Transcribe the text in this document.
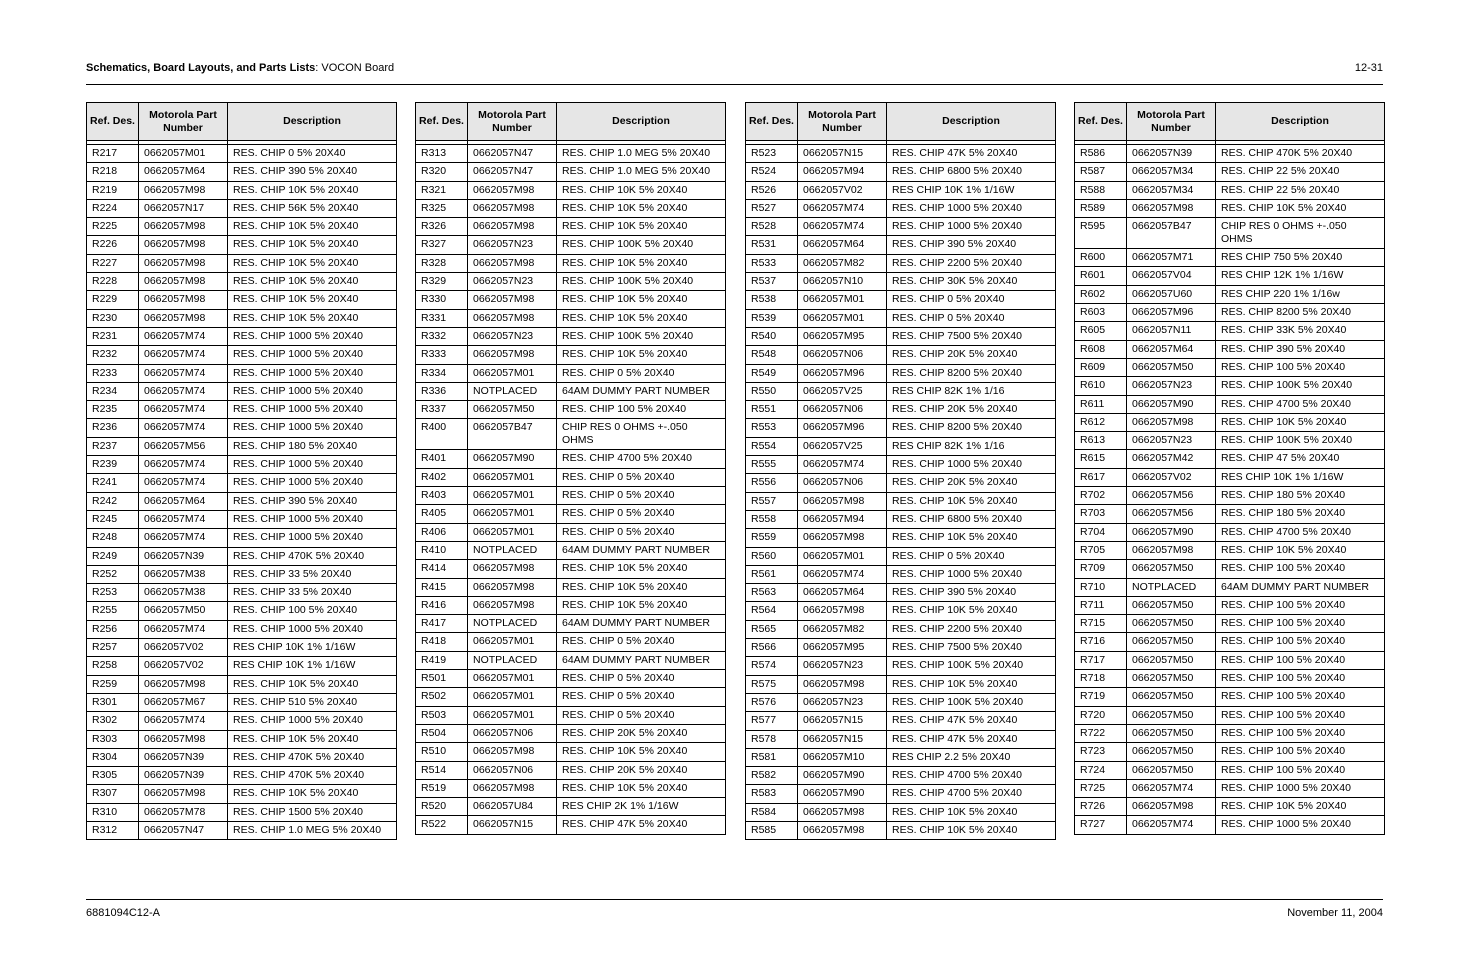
Schematics, Board Layouts, and Parts Lists: VOCON Board	12-31
Ref. Des.	Motorola Part Number	Description

R217	0662057M01	RES. CHIP 0 5% 20X40
R218	0662057M64	RES. CHIP 390 5% 20X40
R219	0662057M98	RES. CHIP 10K 5% 20X40
R224	0662057N17	RES. CHIP 56K 5% 20X40
R225	0662057M98	RES. CHIP 10K 5% 20X40
R226	0662057M98	RES. CHIP 10K 5% 20X40
R227	0662057M98	RES. CHIP 10K 5% 20X40
R228	0662057M98	RES. CHIP 10K 5% 20X40
R229	0662057M98	RES. CHIP 10K 5% 20X40
R230	0662057M98	RES. CHIP 10K 5% 20X40
R231	0662057M74	RES. CHIP 1000 5% 20X40
R232	0662057M74	RES. CHIP 1000 5% 20X40
R233	0662057M74	RES. CHIP 1000 5% 20X40
R234	0662057M74	RES. CHIP 1000 5% 20X40
R235	0662057M74	RES. CHIP 1000 5% 20X40
R236	0662057M74	RES. CHIP 1000 5% 20X40
R237	0662057M56	RES. CHIP 180 5% 20X40
R239	0662057M74	RES. CHIP 1000 5% 20X40
R241	0662057M74	RES. CHIP 1000 5% 20X40
R242	0662057M64	RES. CHIP 390 5% 20X40
R245	0662057M74	RES. CHIP 1000 5% 20X40
R248	0662057M74	RES. CHIP 1000 5% 20X40
R249	0662057N39	RES. CHIP 470K 5% 20X40
R252	0662057M38	RES. CHIP 33 5% 20X40
R253	0662057M38	RES. CHIP 33 5% 20X40
R255	0662057M50	RES. CHIP 100 5% 20X40
R256	0662057M74	RES. CHIP 1000 5% 20X40
R257	0662057V02	RES CHIP 10K 1% 1/16W
R258	0662057V02	RES CHIP 10K 1% 1/16W
R259	0662057M98	RES. CHIP 10K 5% 20X40
R301	0662057M67	RES. CHIP 510 5% 20X40
R302	0662057M74	RES. CHIP 1000 5% 20X40
R303	0662057M98	RES. CHIP 10K 5% 20X40
R304	0662057N39	RES. CHIP 470K 5% 20X40
R305	0662057N39	RES. CHIP 470K 5% 20X40
R307	0662057M98	RES. CHIP 10K 5% 20X40
R310	0662057M78	RES. CHIP 1500 5% 20X40
R312	0662057N47	RES. CHIP 1.0 MEG 5% 20X40
Ref. Des.	Motorola Part Number	Description

R313	0662057N47	RES. CHIP 1.0 MEG 5% 20X40
R320	0662057N47	RES. CHIP 1.0 MEG 5% 20X40
R321	0662057M98	RES. CHIP 10K 5% 20X40
R325	0662057M98	RES. CHIP 10K 5% 20X40
R326	0662057M98	RES. CHIP 10K 5% 20X40
R327	0662057N23	RES. CHIP 100K 5% 20X40
R328	0662057M98	RES. CHIP 10K 5% 20X40
R329	0662057N23	RES. CHIP 100K 5% 20X40
R330	0662057M98	RES. CHIP 10K 5% 20X40
R331	0662057M98	RES. CHIP 10K 5% 20X40
R332	0662057N23	RES. CHIP 100K 5% 20X40
R333	0662057M98	RES. CHIP 10K 5% 20X40
R334	0662057M01	RES. CHIP 0 5% 20X40
R336	NOTPLACED	64AM DUMMY PART NUMBER
R337	0662057M50	RES. CHIP 100 5% 20X40
R400	0662057B47	CHIP RES 0 OHMS +-.050 OHMS
R401	0662057M90	RES. CHIP 4700 5% 20X40
R402	0662057M01	RES. CHIP 0 5% 20X40
R403	0662057M01	RES. CHIP 0 5% 20X40
R405	0662057M01	RES. CHIP 0 5% 20X40
R406	0662057M01	RES. CHIP 0 5% 20X40
R410	NOTPLACED	64AM DUMMY PART NUMBER
R414	0662057M98	RES. CHIP 10K 5% 20X40
R415	0662057M98	RES. CHIP 10K 5% 20X40
R416	0662057M98	RES. CHIP 10K 5% 20X40
R417	NOTPLACED	64AM DUMMY PART NUMBER
R418	0662057M01	RES. CHIP 0 5% 20X40
R419	NOTPLACED	64AM DUMMY PART NUMBER
R501	0662057M01	RES. CHIP 0 5% 20X40
R502	0662057M01	RES. CHIP 0 5% 20X40
R503	0662057M01	RES. CHIP 0 5% 20X40
R504	0662057N06	RES. CHIP 20K 5% 20X40
R510	0662057M98	RES. CHIP 10K 5% 20X40
R514	0662057N06	RES. CHIP 20K 5% 20X40
R519	0662057M98	RES. CHIP 10K 5% 20X40
R520	0662057U84	RES CHIP 2K 1% 1/16W
R522	0662057N15	RES. CHIP 47K 5% 20X40
Ref. Des.	Motorola Part Number	Description

R523	0662057N15	RES. CHIP 47K 5% 20X40
R524	0662057M94	RES. CHIP 6800 5% 20X40
R526	0662057V02	RES CHIP 10K 1% 1/16W
R527	0662057M74	RES. CHIP 1000 5% 20X40
R528	0662057M74	RES. CHIP 1000 5% 20X40
R531	0662057M64	RES. CHIP 390 5% 20X40
R533	0662057M82	RES. CHIP 2200 5% 20X40
R537	0662057N10	RES. CHIP 30K 5% 20X40
R538	0662057M01	RES. CHIP 0 5% 20X40
R539	0662057M01	RES. CHIP 0 5% 20X40
R540	0662057M95	RES. CHIP 7500 5% 20X40
R548	0662057N06	RES. CHIP 20K 5% 20X40
R549	0662057M96	RES. CHIP 8200 5% 20X40
R550	0662057V25	RES CHIP 82K 1% 1/16
R551	0662057N06	RES. CHIP 20K 5% 20X40
R553	0662057M96	RES. CHIP 8200 5% 20X40
R554	0662057V25	RES CHIP 82K 1% 1/16
R555	0662057M74	RES. CHIP 1000 5% 20X40
R556	0662057N06	RES. CHIP 20K 5% 20X40
R557	0662057M98	RES. CHIP 10K 5% 20X40
R558	0662057M94	RES. CHIP 6800 5% 20X40
R559	0662057M98	RES. CHIP 10K 5% 20X40
R560	0662057M01	RES. CHIP 0 5% 20X40
R561	0662057M74	RES. CHIP 1000 5% 20X40
R563	0662057M64	RES. CHIP 390 5% 20X40
R564	0662057M98	RES. CHIP 10K 5% 20X40
R565	0662057M82	RES. CHIP 2200 5% 20X40
R566	0662057M95	RES. CHIP 7500 5% 20X40
R574	0662057N23	RES. CHIP 100K 5% 20X40
R575	0662057M98	RES. CHIP 10K 5% 20X40
R576	0662057N23	RES. CHIP 100K 5% 20X40
R577	0662057N15	RES. CHIP 47K 5% 20X40
R578	0662057N15	RES. CHIP 47K 5% 20X40
R581	0662057M10	RES CHIP 2.2 5% 20X40
R582	0662057M90	RES. CHIP 4700 5% 20X40
R583	0662057M90	RES. CHIP 4700 5% 20X40
R584	0662057M98	RES. CHIP 10K 5% 20X40
R585	0662057M98	RES. CHIP 10K 5% 20X40
Ref. Des.	Motorola Part Number	Description

R586	0662057N39	RES. CHIP 470K 5% 20X40
R587	0662057M34	RES. CHIP 22 5% 20X40
R588	0662057M34	RES. CHIP 22 5% 20X40
R589	0662057M98	RES. CHIP 10K 5% 20X40
R595	0662057B47	CHIP RES 0 OHMS +-.050 OHMS
R600	0662057M71	RES CHIP 750 5% 20X40
R601	0662057V04	RES CHIP 12K 1% 1/16W
R602	0662057U60	RES CHIP 220 1% 1/16w
R603	0662057M96	RES. CHIP 8200 5% 20X40
R605	0662057N11	RES. CHIP 33K 5% 20X40
R608	0662057M64	RES. CHIP 390 5% 20X40
R609	0662057M50	RES. CHIP 100 5% 20X40
R610	0662057N23	RES. CHIP 100K 5% 20X40
R611	0662057M90	RES. CHIP 4700 5% 20X40
R612	0662057M98	RES. CHIP 10K 5% 20X40
R613	0662057N23	RES. CHIP 100K 5% 20X40
R615	0662057M42	RES. CHIP 47 5% 20X40
R617	0662057V02	RES CHIP 10K 1% 1/16W
R702	0662057M56	RES. CHIP 180 5% 20X40
R703	0662057M56	RES. CHIP 180 5% 20X40
R704	0662057M90	RES. CHIP 4700 5% 20X40
R705	0662057M98	RES. CHIP 10K 5% 20X40
R709	0662057M50	RES. CHIP 100 5% 20X40
R710	NOTPLACED	64AM DUMMY PART NUMBER
R711	0662057M50	RES. CHIP 100 5% 20X40
R715	0662057M50	RES. CHIP 100 5% 20X40
R716	0662057M50	RES. CHIP 100 5% 20X40
R717	0662057M50	RES. CHIP 100 5% 20X40
R718	0662057M50	RES. CHIP 100 5% 20X40
R719	0662057M50	RES. CHIP 100 5% 20X40
R720	0662057M50	RES. CHIP 100 5% 20X40
R722	0662057M50	RES. CHIP 100 5% 20X40
R723	0662057M50	RES. CHIP 100 5% 20X40
R724	0662057M50	RES. CHIP 100 5% 20X40
R725	0662057M74	RES. CHIP 1000 5% 20X40
R726	0662057M98	RES. CHIP 10K 5% 20X40
R727	0662057M74	RES. CHIP 1000 5% 20X40
6881094C12-A	November 11, 2004
